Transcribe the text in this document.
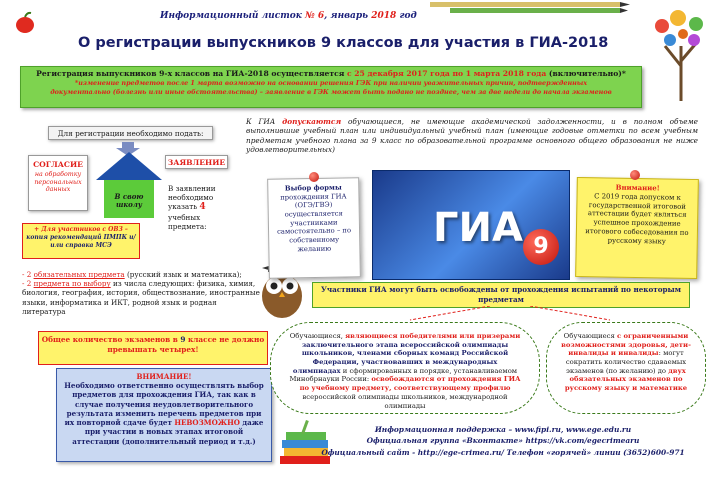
Информационный листок № 6, январь 2018 год
О регистрации выпускников 9 классов для участия в ГИА-2018
Регистрация выпускников 9-х классов на ГИА-2018 осуществляется с 25 декабря 2017 года по 1 марта 2018 года (включительно)*
*изменение предметов после 1 марта возможно на основании решения ГЭК при наличии уважительных причин, подтвержденных
документально (болезнь или иные обстоятельства) – заявление в ГЭК может быть подано не позднее, чем за две недели до начала экзаменов
Для регистрации необходимо подать:
СОГЛАСИЕ
на обработку персональных данных
В свою школу
ЗАЯВЛЕНИЕ
В заявлении необходимо указать 4 учебных предмета:
+ Для участников с ОВЗ –
копия рекомендаций ПМПК и/или справка МСЭ
- 2 обязательных предмета (русский язык и математика);
- 2 предмета по выбору из числа следующих: физика, химия, биология, география, история, обществознание, иностранные языки, информатика и ИКТ, родной язык и родная литература
Общее количество экзаменов в 9 классе не должно превышать четырех!
ВНИМАНИЕ!
Необходимо ответственно осуществлять выбор предметов для прохождения ГИА, так как в случае получения неудовлетворительного результата изменить перечень предметов при их повторной сдаче будет НЕВОЗМОЖНО даже при участии в новых этапах итоговой аттестации (дополнительный период и т.д.)
К ГИА допускаются обучающиеся, не имеющие академической задолженности, и в полном объеме выполнившие учебный план или индивидуальный учебный план (имеющие годовые отметки по всем учебным предметам учебного плана за 9 класс по образовательной программе основного общего образования не ниже удовлетворительных)
Выбор формы
прохождения ГИА (ОГЭ/ГВЭ) осуществляется участниками самостоятельно – по собственному желанию	ГИА 9
Внимание!
С 2019 года допуском к государственной итоговой аттестации будет являться успешное прохождение итогового собеседования по русскому языку
Участники ГИА могут быть освобождены от прохождения испытаний по некоторым предметам
Обучающиеся, являющиеся победителями или призерами заключительного этапа всероссийской олимпиады школьников, членами сборных команд Российской Федерации, участвовавших в международных олимпиадах и сформированных в порядке, устанавливаемом Минобрнауки России: освобождаются от прохождения ГИА по учебному предмету, соответствующему профилю всероссийской олимпиады школьников, международной олимпиады
Обучающиеся с ограниченными возможностями здоровья, дети-инвалиды и инвалиды: могут сократить количество сдаваемых экзаменов (по желанию) до двух обязательных экзаменов по русскому языку и математике
Информационная поддержка – www.fipi.ru, www.ege.edu.ru
Официальная группа «Вконтакте» https://vk.com/egecrimearu
Официальный сайт - http://ege-crimea.ru/ Телефон «горячей» линии (3652)600-971
